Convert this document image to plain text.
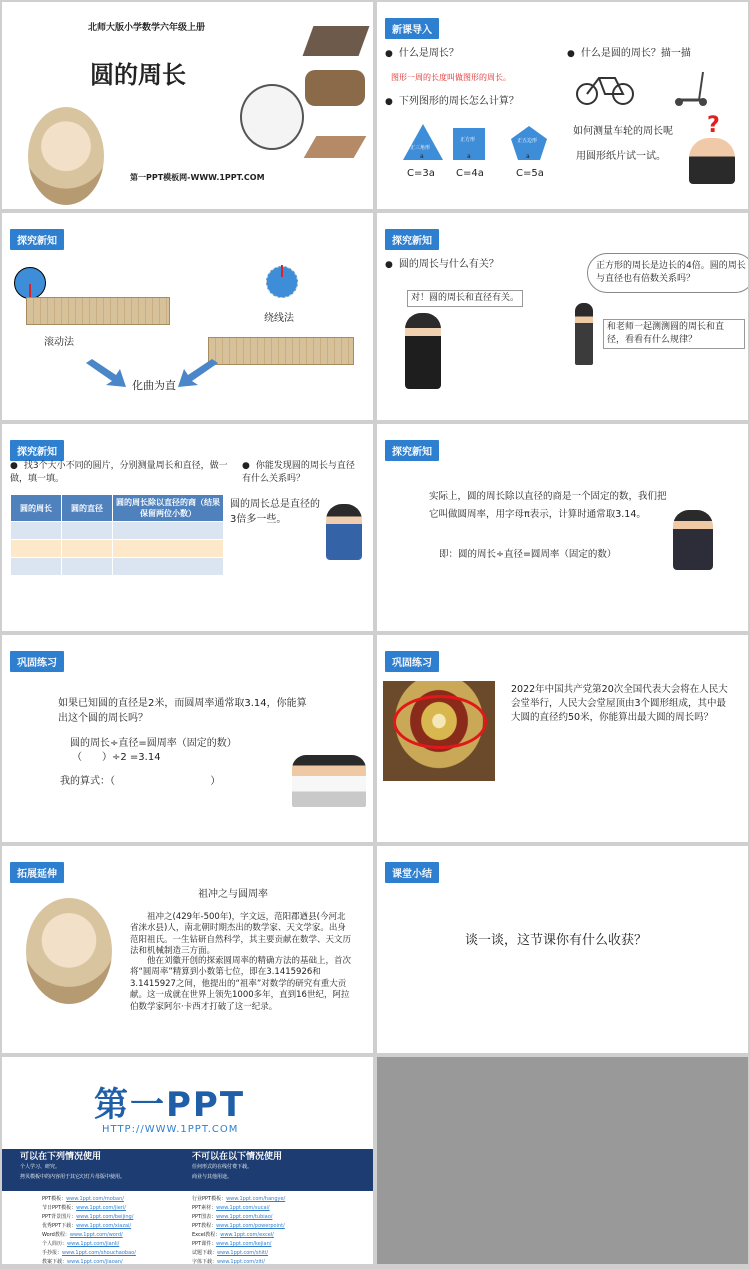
北师大版小学数学六年级上册
圆的周长
第一PPT模板网-WWW.1PPT.COM
新课导入
● 什么是周长？
图形一周的长度叫做图形的周长。
● 下列图形的周长怎么计算？
正三角形
a
正方形
a
正五边形
a
C=3a C=4a	C=5a
● 什么是圆的周长？描一描
如何测量车轮的周长呢 ?
用圆形纸片试一试。
探究新知
滚动法
绕线法
化曲为直
探究新知
● 圆的周长与什么有关？
对！圆的周长和直径有关。
正方形的周长是边长的4倍。圆的周长与直径也有倍数关系吗？
和老师一起测测圆的周长和直径，看看有什么规律？
探究新知
● 找3个大小不同的圆片，分别测量周长和直径，做一做，填一填。
圆的周长	圆的直径	圆的周长除以直径的商（结果保留两位小数）

● 你能发现圆的周长与直径有什么关系吗？
圆的周长总是直径的3倍多一些。
探究新知
实际上，圆的周长除以直径的商是一个固定的数，我们把它叫做圆周率，用字母π表示，计算时通常取3.14。
即：圆的周长÷直径=圆周率（固定的数）
巩固练习
如果已知圆的直径是2米，而圆周率通常取3.14，你能算出这个圆的周长吗？
圆的周长÷直径=圆周率（固定的数）
（　　）÷2 =3.14
我的算式：（                              ）
巩固练习
2022年中国共产党第20次全国代表大会将在人民大会堂举行，人民大会堂屋顶由3个圆形组成，其中最大圆的直径约50米，你能算出最大圆的周长吗？
拓展延伸
祖冲之与圆周率
祖冲之(429年-500年)，字文远，范阳郡遒县(今河北省涞水县)人，南北朝时期杰出的数学家、天文学家。出身范阳祖氏。一生钻研自然科学，其主要贡献在数学、天文历法和机械制造三方面。
他在刘徽开创的探索圆周率的精确方法的基础上，首次将“圆周率”精算到小数第七位，即在3.1415926和3.1415927之间，他提出的“祖率”对数学的研究有重大贡献。这一成就在世界上领先1000多年，直到16世纪，阿拉伯数学家阿尔·卡西才打破了这一纪录。
课堂小结
谈一谈，这节课你有什么收获？
第一PPT
HTTP://WWW.1PPT.COM
可以在下列情况使用
个人学习、研究。
拷贝模板中的内容用于其它幻灯片母版中使用。
不可以在以下情况使用
任何形式的在线付费下载。
商业与其他用途。
PPT模板：www.1ppt.com/moban/
节日PPT模板：www.1ppt.com/jieri/
PPT背景图片：www.1ppt.com/beijing/
优秀PPT下载：www.1ppt.com/xiazai/
Word教程：www.1ppt.com/word/
个人简历：www.1ppt.com/jianli/
手抄报：www.1ppt.com/shouchaobao/
教案下载：www.1ppt.com/jiaoan/
行业PPT模板：www.1ppt.com/hangye/
PPT素材：www.1ppt.com/sucai/
PPT图表：www.1ppt.com/tubiao/
PPT教程：www.1ppt.com/powerpoint/
Excel教程：www.1ppt.com/excel/
PPT课件：www.1ppt.com/kejian/
试题下载：www.1ppt.com/shiti/
字体下载：www.1ppt.com/ziti/
